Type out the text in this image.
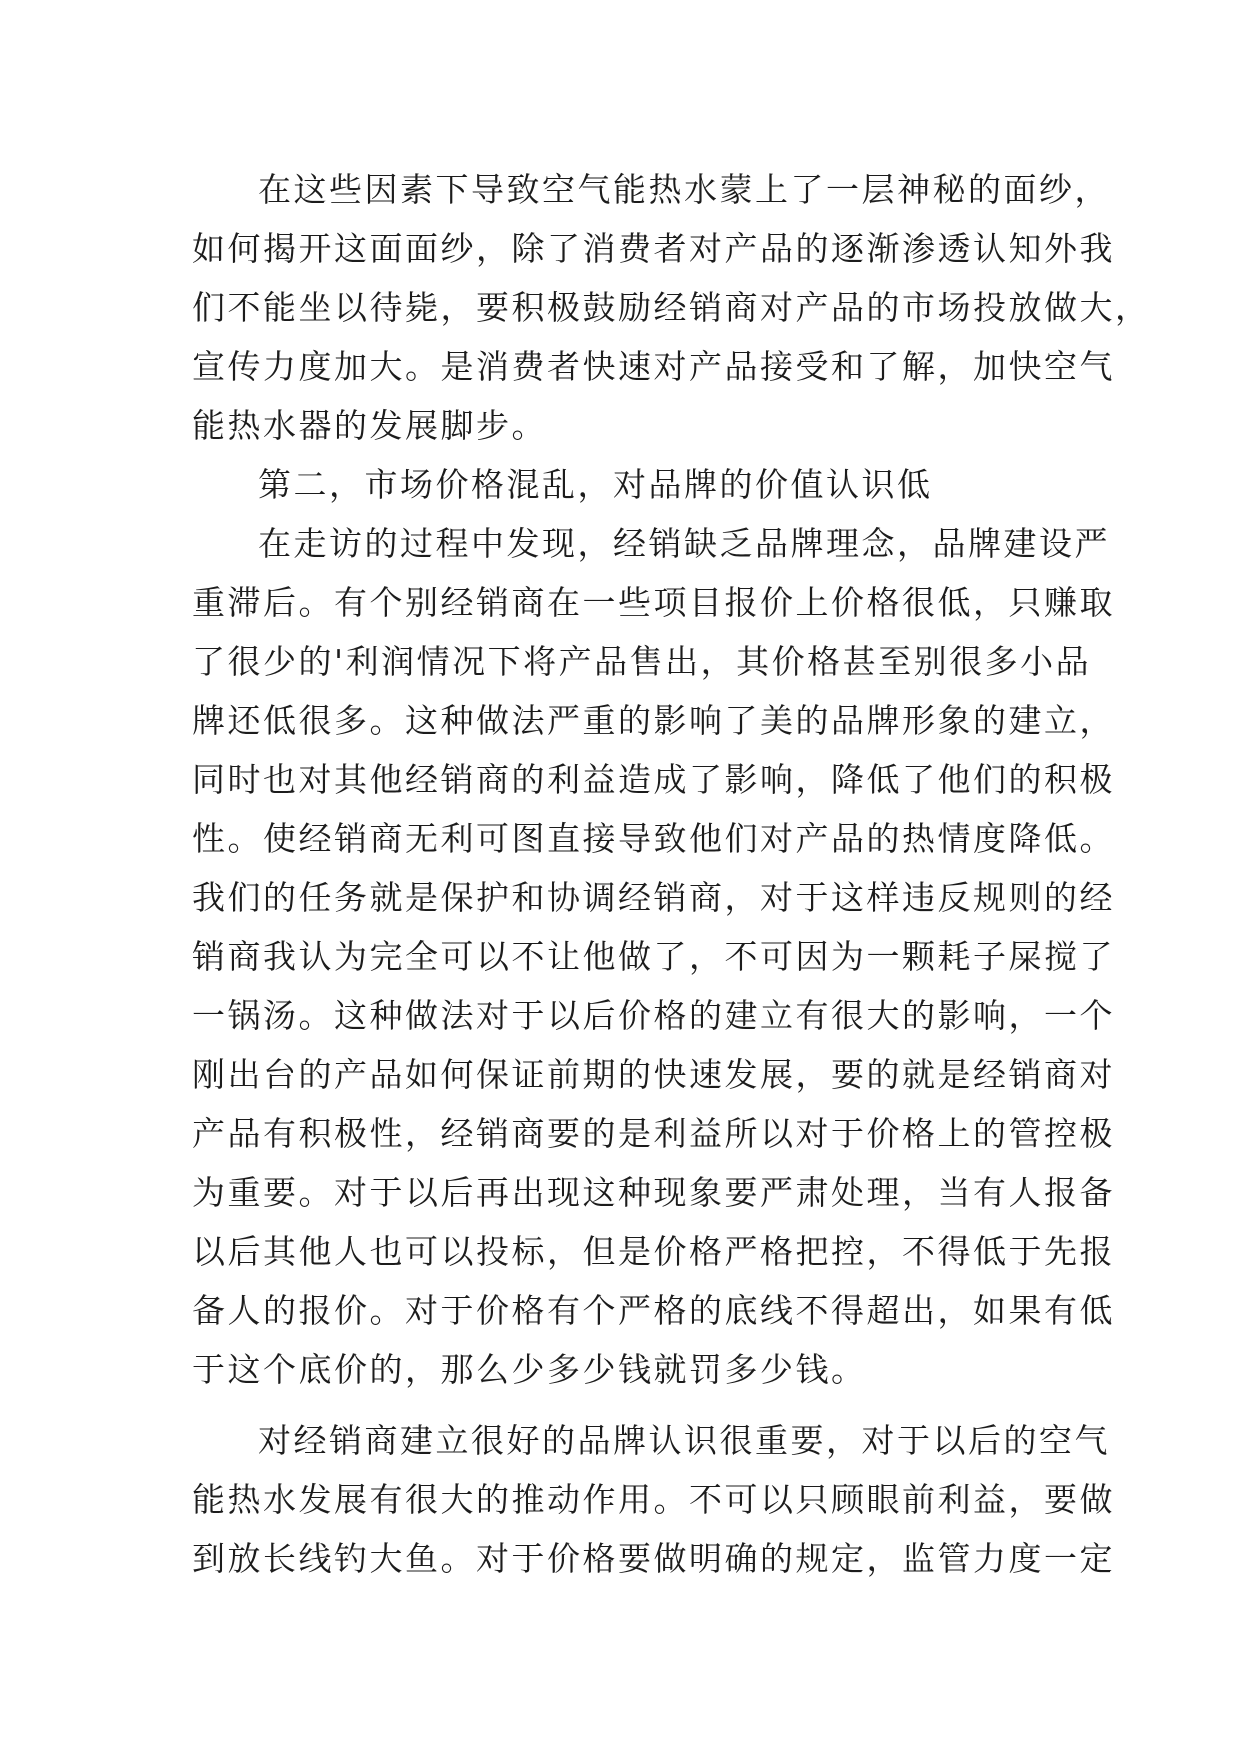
在这些因素下导致空气能热水蒙上了一层神秘的面纱，
如何揭开这面面纱，除了消费者对产品的逐渐渗透认知外我
们不能坐以待毙，要积极鼓励经销商对产品的市场投放做大，
宣传力度加大。是消费者快速对产品接受和了解，加快空气
能热水器的发展脚步。
第二，市场价格混乱，对品牌的价值认识低
在走访的过程中发现，经销缺乏品牌理念，品牌建设严
重滞后。有个别经销商在一些项目报价上价格很低，只赚取
了很少的'利润情况下将产品售出，其价格甚至别很多小品
牌还低很多。这种做法严重的影响了美的品牌形象的建立，
同时也对其他经销商的利益造成了影响，降低了他们的积极
性。使经销商无利可图直接导致他们对产品的热情度降低。
我们的任务就是保护和协调经销商，对于这样违反规则的经
销商我认为完全可以不让他做了，不可因为一颗耗子屎搅了
一锅汤。这种做法对于以后价格的建立有很大的影响，一个
刚出台的产品如何保证前期的快速发展，要的就是经销商对
产品有积极性，经销商要的是利益所以对于价格上的管控极
为重要。对于以后再出现这种现象要严肃处理，当有人报备
以后其他人也可以投标，但是价格严格把控，不得低于先报
备人的报价。对于价格有个严格的底线不得超出，如果有低
于这个底价的，那么少多少钱就罚多少钱。
对经销商建立很好的品牌认识很重要，对于以后的空气
能热水发展有很大的推动作用。不可以只顾眼前利益，要做
到放长线钓大鱼。对于价格要做明确的规定，监管力度一定
